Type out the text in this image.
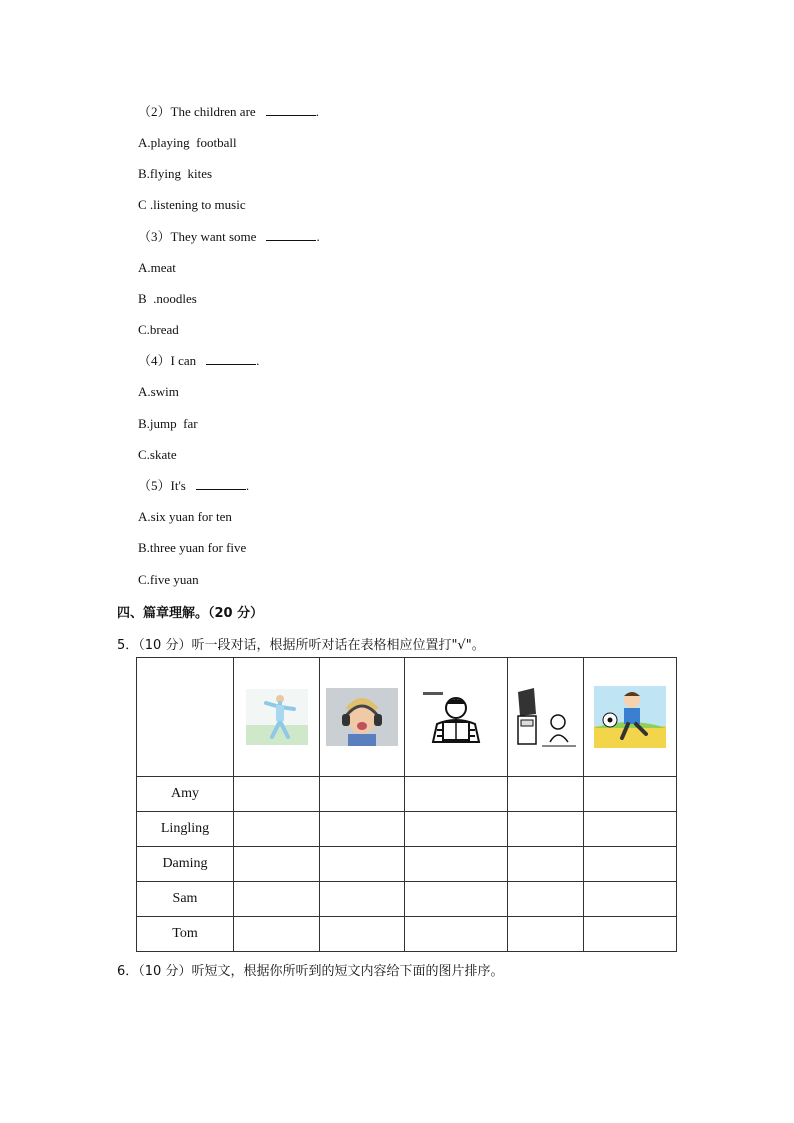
（2）The children are	.
A.playing  football
B.flying  kites
C .listening to music
（3）They want some	.
A.meat
B  .noodles
C.bread
（4）I can	.
A.swim
B.jump  far
C.skate
（5）It's	.
A.six yuan for ten
B.three yuan for five
C.five yuan
四、篇章理解。（20 分）
5．（10 分）听一段对话，根据所听对话在表格相应位置打"√"。

Amy					
Lingling					
Daming					
Sam					
Tom					
6．（10 分）听短文，根据你所听到的短文内容给下面的图片排序。
